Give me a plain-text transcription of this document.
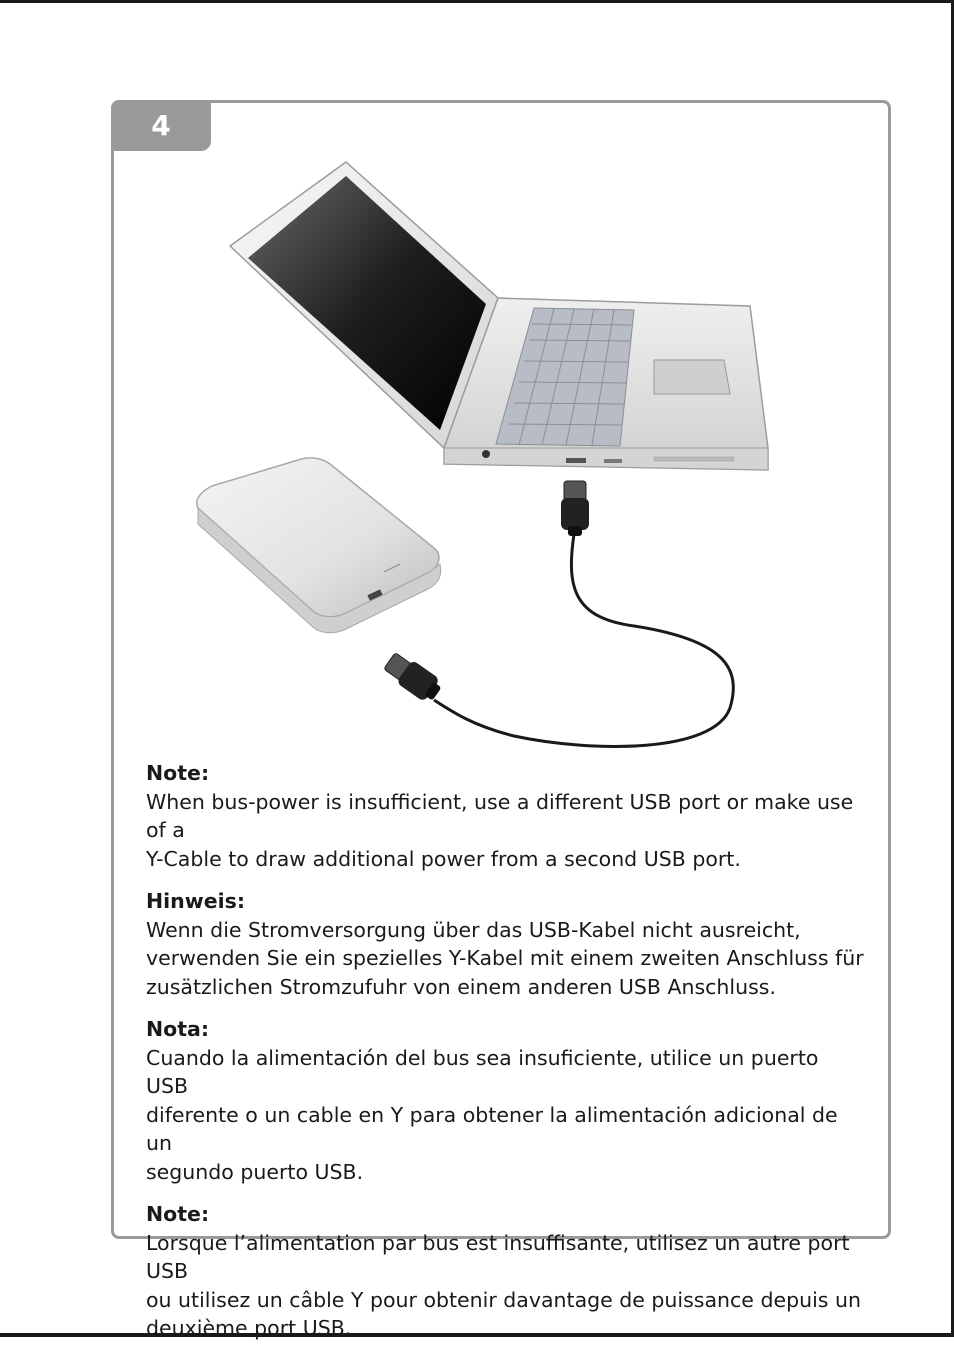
4
Note:
When bus-power is insufficient, use a different USB port or make use of a
Y-Cable to draw additional power from a second USB port.
Hinweis:
Wenn die Stromversorgung über das USB-Kabel nicht ausreicht,
verwenden Sie ein spezielles Y-Kabel mit einem zweiten Anschluss für
zusätzlichen Stromzufuhr von einem anderen USB Anschluss.
Nota:
Cuando la alimentación del bus sea insuficiente, utilice un puerto USB
diferente o un cable en Y para obtener la alimentación adicional de un
segundo puerto USB.
Note:
Lorsque l’alimentation par bus est insuffisante, utilisez un autre port USB
ou utilisez un câble Y pour obtenir davantage de puissance depuis un
deuxième port USB.
